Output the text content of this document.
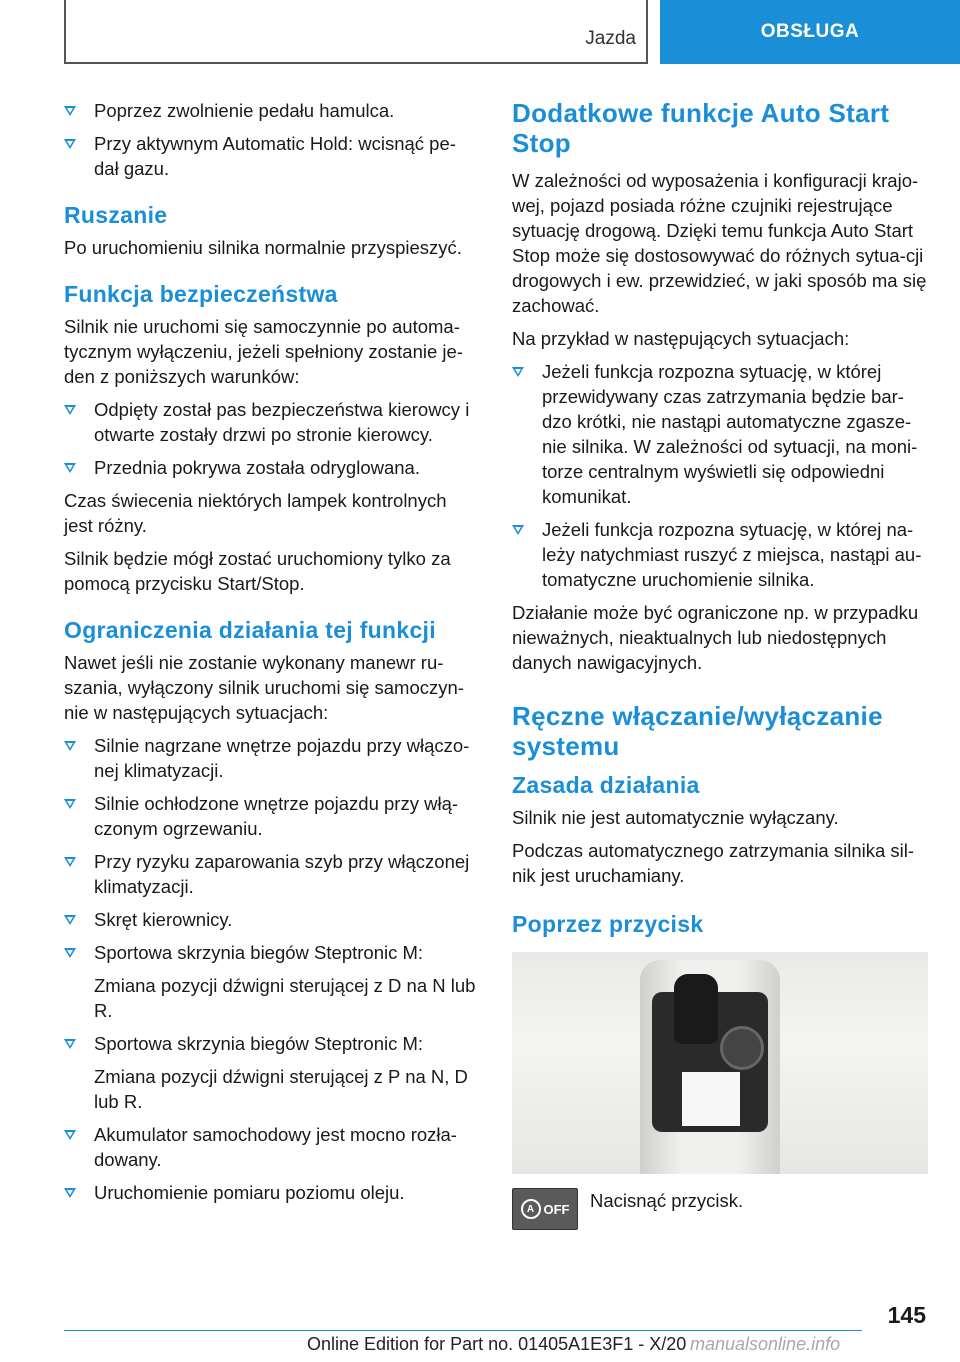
Jazda	OBSŁUGA
Poprzez zwolnienie pedału hamulca.
Przy aktywnym Automatic Hold: wcisnąć pe-dał gazu.
Ruszanie

Po uruchomieniu silnika normalnie przyspieszyć.

Funkcja bezpieczeństwa

Silnik nie uruchomi się samoczynnie po automa-tycznym wyłączeniu, jeżeli spełniony zostanie je-den z poniższych warunków:

Odpięty został pas bezpieczeństwa kierowcy i otwarte zostały drzwi po stronie kierowcy.
Przednia pokrywa została odryglowana.

Czas świecenia niektórych lampek kontrolnych jest różny.

Silnik będzie mógł zostać uruchomiony tylko za pomocą przycisku Start/Stop.

Ograniczenia działania tej funkcji

Nawet jeśli nie zostanie wykonany manewr ru-szania, wyłączony silnik uruchomi się samoczyn-nie w następujących sytuacjach:

Silnie nagrzane wnętrze pojazdu przy włączo-nej klimatyzacji.
Silnie ochłodzone wnętrze pojazdu przy włą-czonym ogrzewaniu.
Przy ryzyku zaparowania szyb przy włączonej klimatyzacji.
Skręt kierownicy.
Sportowa skrzynia biegów Steptronic M:
Zmiana pozycji dźwigni sterującej z D na N lub R.
Sportowa skrzynia biegów Steptronic M:
Zmiana pozycji dźwigni sterującej z P na N, D lub R.
Akumulator samochodowy jest mocno rozła-dowany.
Uruchomienie pomiaru poziomu oleju.
Dodatkowe funkcje Auto Start Stop

W zależności od wyposażenia i konfiguracji krajo-wej, pojazd posiada różne czujniki rejestrujące sytuację drogową. Dzięki temu funkcja Auto Start Stop może się dostosowywać do różnych sytua-cji drogowych i ew. przewidzieć, w jaki sposób ma się zachować.

Na przykład w następujących sytuacjach:

Jeżeli funkcja rozpozna sytuację, w której przewidywany czas zatrzymania będzie bar-dzo krótki, nie nastąpi automatyczne zgasze-nie silnika. W zależności od sytuacji, na moni-torze centralnym wyświetli się odpowiedni komunikat.
Jeżeli funkcja rozpozna sytuację, w której na-leży natychmiast ruszyć z miejsca, nastąpi au-tomatyczne uruchomienie silnika.

Działanie może być ograniczone np. w przypadku nieważnych, nieaktualnych lub niedostępnych danych nawigacyjnych.

Ręczne włączanie/wyłączanie systemu
Zasada działania

Silnik nie jest automatycznie wyłączany.

Podczas automatycznego zatrzymania silnika sil-nik jest uruchamiany.

Poprzez przycisk
A OFF Nacisnąć przycisk.
145
Online Edition for Part no. 01405A1E3F1 - X/20 manualsonline.info
